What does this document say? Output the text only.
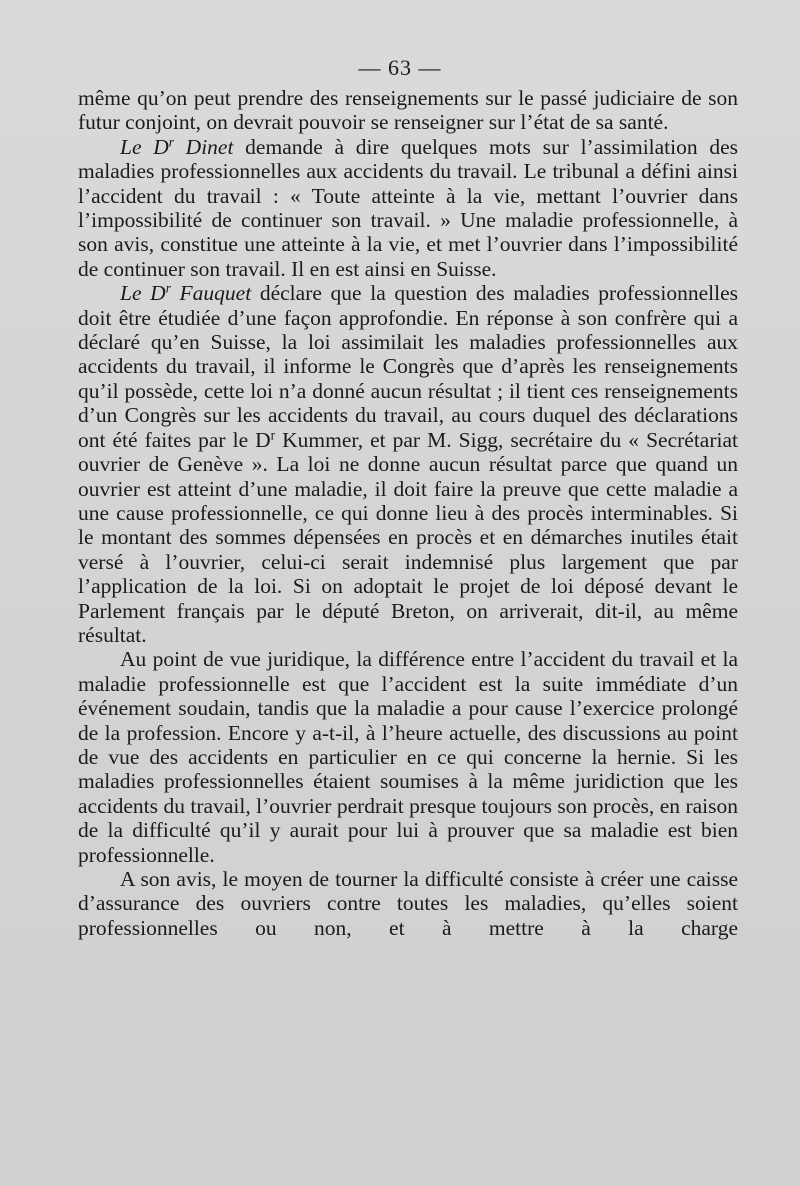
— 63 —

même qu’on peut prendre des renseignements sur le passé judiciaire de son futur conjoint, on devrait pouvoir se renseigner sur l’état de sa santé.

Le $D^r$ Dinet demande à dire quelques mots sur l’assimilation des maladies professionnelles aux accidents du travail. Le tribunal a défini ainsi l’accident du travail : « Toute atteinte à la vie, mettant l’ouvrier dans l’impossibilité de continuer son travail. » Une maladie professionnelle, à son avis, constitue une atteinte à la vie, et met l’ouvrier dans l’impossibilité de continuer son travail. Il en est ainsi en Suisse.

Le $D^r$ Fauquet déclare que la question des maladies professionnelles doit être étudiée d’une façon approfondie. En réponse à son confrère qui a déclaré qu’en Suisse, la loi assimilait les maladies professionnelles aux accidents du travail, il informe le Congrès que d’après les renseignements qu’il possède, cette loi n’a donné aucun résultat ; il tient ces renseignements d’un Congrès sur les accidents du travail, au cours duquel des déclarations ont été faites par le $D^r$ Kummer, et par M. Sigg, secrétaire du « Secrétariat ouvrier de Genève ». La loi ne donne aucun résultat parce que quand un ouvrier est atteint d’une maladie, il doit faire la preuve que cette maladie a une cause professionnelle, ce qui donne lieu à des procès interminables. Si le montant des sommes dépensées en procès et en démarches inutiles était versé à l’ouvrier, celui-ci serait indemnisé plus largement que par l’application de la loi. Si on adoptait le projet de loi déposé devant le Parlement français par le député Breton, on arriverait, dit-il, au même résultat.

Au point de vue juridique, la différence entre l’accident du travail et la maladie professionnelle est que l’accident est la suite immédiate d’un événement soudain, tandis que la maladie a pour cause l’exercice prolongé de la profession. Encore y a-t-il, à l’heure actuelle, des discussions au point de vue des accidents en particulier en ce qui concerne la hernie. Si les maladies professionnelles étaient soumises à la même juridiction que les accidents du travail, l’ouvrier perdrait presque toujours son procès, en raison de la difficulté qu’il y aurait pour lui à prouver que sa maladie est bien professionnelle.

A son avis, le moyen de tourner la difficulté consiste à créer une caisse d’assurance des ouvriers contre toutes les maladies, qu’elles soient professionnelles ou non, et à mettre à la charge
